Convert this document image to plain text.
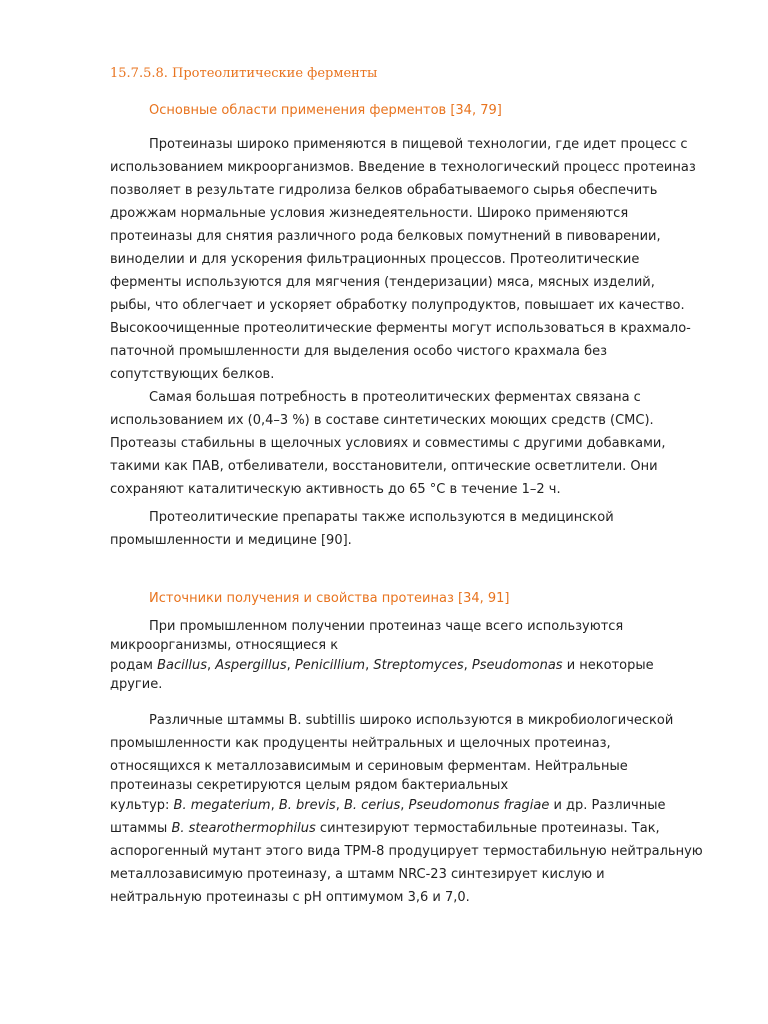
15.7.5.8. Протеолитические ферменты
Основные области применения ферментов [34, 79]
Протеиназы широко применяются в пищевой технологии, где идет процесс с
использованием микроорганизмов. Введение в технологический процесс протеиназ
позволяет в результате гидролиза белков обрабатываемого сырья обеспечить
дрожжам нормальные условия жизнедеятельности. Широко применяются
протеиназы для снятия различного рода белковых помутнений в пивоварении,
виноделии и для ускорения фильтрационных процессов. Протеолитические
ферменты используются для мягчения (тендеризации) мяса, мясных изделий,
рыбы, что облегчает и ускоряет обработку полупродуктов, повышает их качество.
Высокоочищенные протеолитические ферменты могут использоваться в крахмало-
паточной промышленности для выделения особо чистого крахмала без
сопутствующих белков.
Самая большая потребность в протеолитических ферментах связана с
использованием их (0,4–3 %) в составе синтетических моющих средств (СМС).
Протеазы стабильны в щелочных условиях и совместимы с другими добавками,
такими как ПАВ, отбеливатели, восстановители, оптические осветлители. Они
сохраняют каталитическую активность до 65 °С в течение 1–2 ч.
Протеолитические препараты также используются в медицинской
промышленности и медицине [90].
Источники получения и свойства протеиназ [34, 91]
При промышленном получении протеиназ чаще всего используются
микроорганизмы, относящиеся к
родам Bacillus, Aspergillus, Penicillium, Streptomyces, Pseudomonas и некоторые
другие.
Различные штаммы B. subtillis широко используются в микробиологической
промышленности как продуценты нейтральных и щелочных протеиназ,
относящихся к металлозависимым и сериновым ферментам. Нейтральные
протеиназы секретируются целым рядом бактериальных
культур: B. megaterium, B. brevis, B. cerius, Pseudomonus fragiae и др. Различные
штаммы B. stearothermophilus синтезируют термостабильные протеиназы. Так,
аспорогенный мутант этого вида ТРМ-8 продуцирует термостабильную нейтральную
металлозависимую протеиназу, а штамм NRC-23 синтезирует кислую и
нейтральную протеиназы с рН оптимумом 3,6 и 7,0.
